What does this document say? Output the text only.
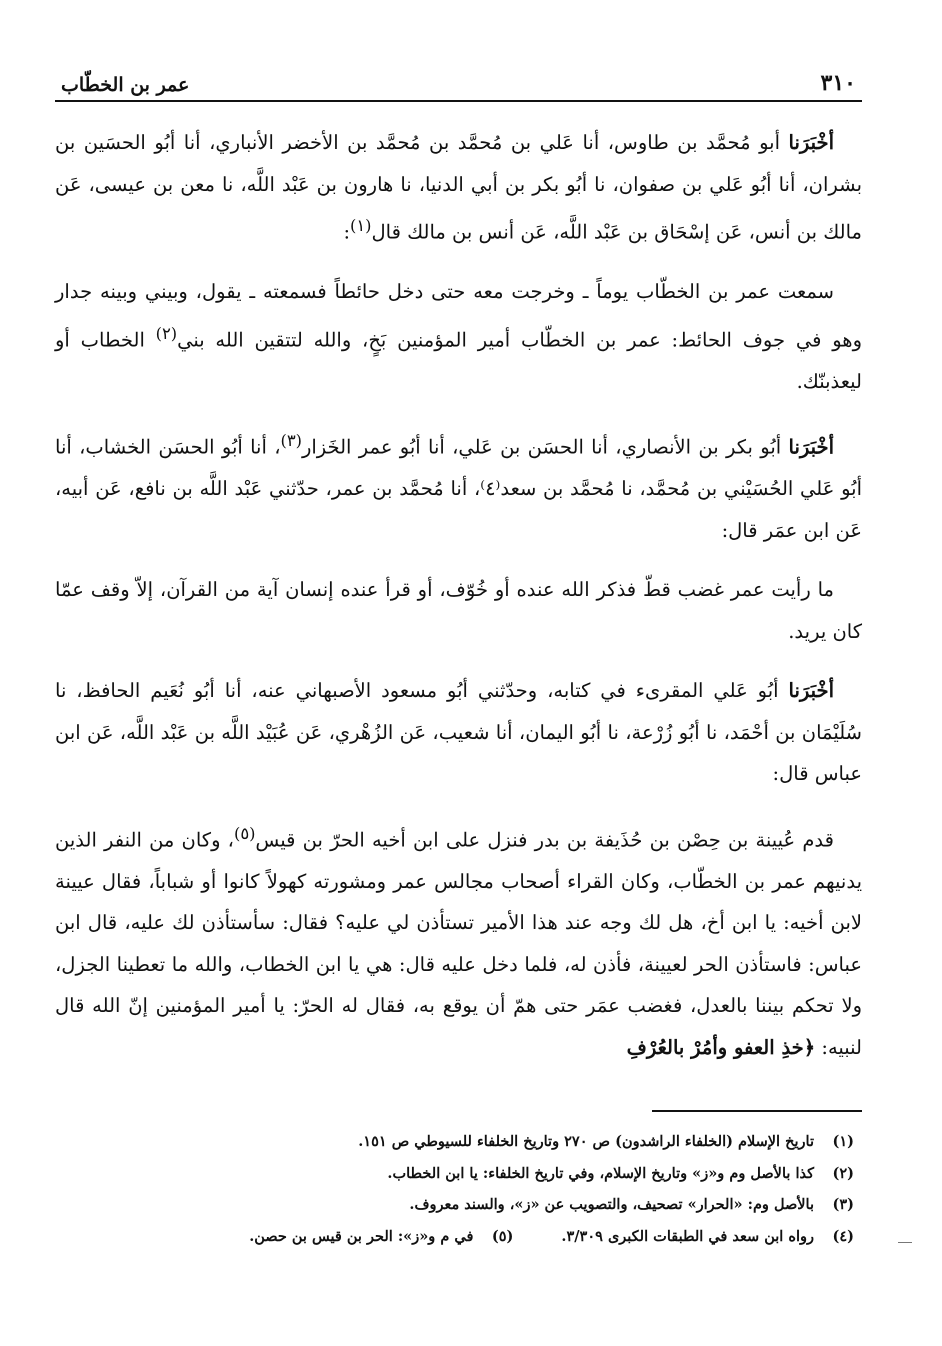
٣١٠
عمر بن الخطّاب

أخْبَرَنا أبو مُحمَّد بن طاوس، أنا عَلي بن مُحمَّد بن مُحمَّد بن الأخضر الأنباري، أنا أبُو الحسَين بن بشران، أنا أبُو عَلي بن صفوان، نا أبُو بكر بن أبي الدنيا، نا هارون بن عَبْد اللَّه، نا معن بن عيسى، عَن مالك بن أنس، عَن إسْحَاق بن عَبْد اللَّه، عَن أنس بن مالك قال$^{(١)}$:

سمعت عمر بن الخطّاب يوماً ـ وخرجت معه حتى دخل حائطاً فسمعته ـ يقول، وبيني وبينه جدار وهو في جوف الحائط: عمر بن الخطّاب أمير المؤمنين بَخٍ، والله لتتقين الله بني$^{(٢)}$ الخطاب أو ليعذبنّك.

أخْبَرَنا أبُو بكر بن الأنصاري، أنا الحسَن بن عَلي، أنا أبُو عمر الخَزار$^{(٣)}$، أنا أبُو الحسَن الخشاب، أنا أبُو عَلي الحُسَيْني بن مُحمَّد، نا مُحمَّد بن سعد⁽٤⁾، أنا مُحمَّد بن عمر، حدّثني عَبْد اللَّه بن نافع، عَن أبيه، عَن ابن عمَر قال:

ما رأيت عمر غضب قطّ فذكر الله عنده أو خُوّف، أو قرأ عنده إنسان آية من القرآن، إلاّ وقف عمّا كان يريد.

أخْبَرَنا أبُو عَلي المقرىء في كتابه، وحدّثني أبُو مسعود الأصبهاني عنه، أنا أبُو نُعَيم الحافظ، نا سُلَيْمَان بن أحْمَد، نا أبُو زُرْعة، نا أبُو اليمان، أنا شعيب، عَن الزُهْري، عَن عُبَيْد اللَّه بن عَبْد اللَّه، عَن ابن عباس قال:

قدم عُيينة بن حِصْن بن حُذَيفة بن بدر فنزل على ابن أخيه الحرّ بن قيس$^{(٥)}$، وكان من النفر الذين يدنيهم عمر بن الخطّاب، وكان القراء أصحاب مجالس عمر ومشورته كهولاً كانوا أو شباباً، فقال عيينة لابن أخيه: يا ابن أخ، هل لك وجه عند هذا الأمير تستأذن لي عليه؟ فقال: سأستأذن لك عليه، قال ابن عباس: فاستأذن الحر لعيينة، فأذن له، فلما دخل عليه قال: هي يا ابن الخطاب، والله ما تعطينا الجزل، ولا تحكم بيننا بالعدل، فغضب عمَر حتى همّ أن يوقع به، فقال له الحرّ: يا أمير المؤمنين إنّ الله قال لنبيه: ﴿خذِ العفو وأمُرْ بالعُرْفِ

(١)
تاريخ الإسلام (الخلفاء الراشدون) ص ٢٧٠ وتاريخ الخلفاء للسيوطي ص ١٥١.
(٢)
كذا بالأصل وم و«ز» وتاريخ الإسلام، وفي تاريخ الخلفاء: يا ابن الخطاب.
(٣)
بالأصل وم: «الحرار» تصحيف، والتصويب عن «ز»، والسند معروف.
(٤)
رواه ابن سعد في الطبقات الكبرى ٣/٣٠٩.
(٥)
في م و«ز»: الحر بن قيس بن حصن.
